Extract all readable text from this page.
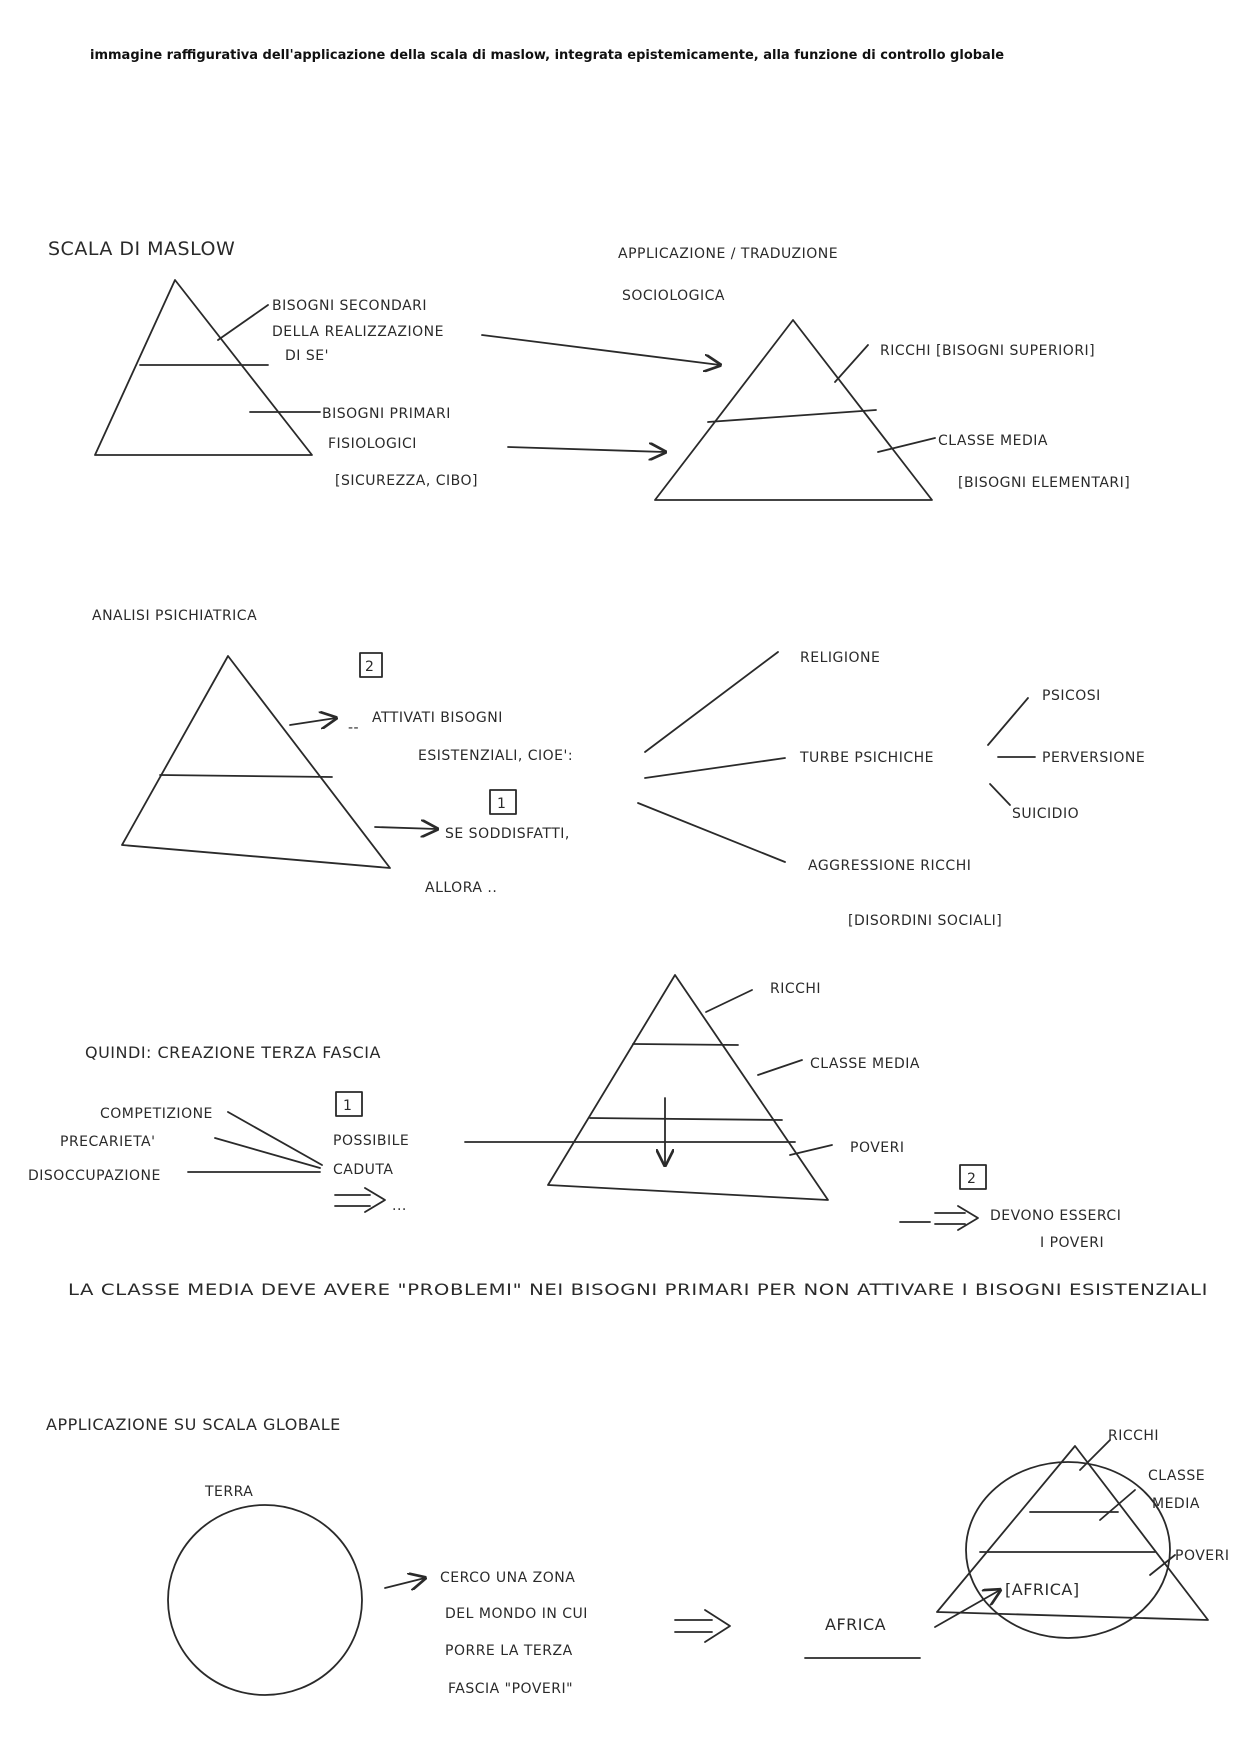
immagine raffigurativa dell'applicazione della scala di maslow, integrata epistemicamente, alla funzione di controllo globale
SCALA DI MASLOW
BISOGNI SECONDARI
DELLA REALIZZAZIONE
DI SE'
BISOGNI PRIMARI
FISIOLOGICI
[SICUREZZA, CIBO]
APPLICAZIONE / TRADUZIONE
SOCIOLOGICA
RICCHI [BISOGNI SUPERIORI]
CLASSE MEDIA
[BISOGNI ELEMENTARI]
ANALISI PSICHIATRICA
2
--
ATTIVATI BISOGNI
ESISTENZIALI, CIOE':
1
SE SODDISFATTI,
ALLORA ..
RELIGIONE
TURBE PSICHICHE
AGGRESSIONE RICCHI
[DISORDINI SOCIALI]
PSICOSI
PERVERSIONE
SUICIDIO
QUINDI: CREAZIONE TERZA FASCIA
COMPETIZIONE
PRECARIETA'
DISOCCUPAZIONE
1
POSSIBILE
CADUTA
...
RICCHI
CLASSE MEDIA
POVERI
2
DEVONO ESSERCI
I POVERI
LA CLASSE MEDIA DEVE AVERE "PROBLEMI" NEI BISOGNI PRIMARI PER NON ATTIVARE I BISOGNI ESISTENZIALI
APPLICAZIONE SU SCALA GLOBALE
TERRA
CERCO UNA ZONA
DEL MONDO IN CUI
PORRE LA TERZA
FASCIA "POVERI"
AFRICA
RICCHI
CLASSE
MEDIA
POVERI
[AFRICA]
